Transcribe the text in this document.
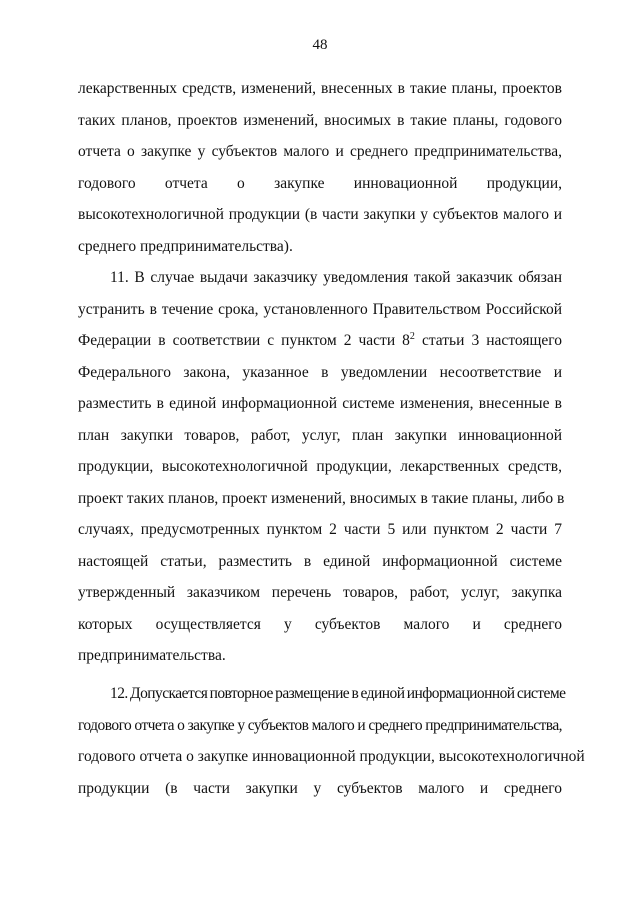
48
лекарственных средств, изменений, внесенных в такие планы, проектов
таких планов, проектов изменений, вносимых в такие планы, годового
отчета о закупке у субъектов малого и среднего предпринимательства,
годового отчета о закупке инновационной продукции,
высокотехнологичной продукции (в части закупки у субъектов малого и
среднего предпринимательства).
11. В случае выдачи заказчику уведомления такой заказчик обязан
устранить в течение срока, установленного Правительством Российской
Федерации в соответствии с пунктом 2 части $8^2$ статьи 3 настоящего
Федерального закона, указанное в уведомлении несоответствие и
разместить в единой информационной системе изменения, внесенные в
план закупки товаров, работ, услуг, план закупки инновационной
продукции, высокотехнологичной продукции, лекарственных средств,
проект таких планов, проект изменений, вносимых в такие планы, либо в
случаях, предусмотренных пунктом 2 части 5 или пунктом 2 части 7
настоящей статьи, разместить в единой информационной системе
утвержденный заказчиком перечень товаров, работ, услуг, закупка
которых осуществляется у субъектов малого и среднего
предпринимательства.
12. Допускается повторное размещение в единой информационной системе
годового отчета о закупке у субъектов малого и среднего предпринимательства,
годового отчета о закупке инновационной продукции, высокотехнологичной
продукции (в части закупки у субъектов малого и среднего
